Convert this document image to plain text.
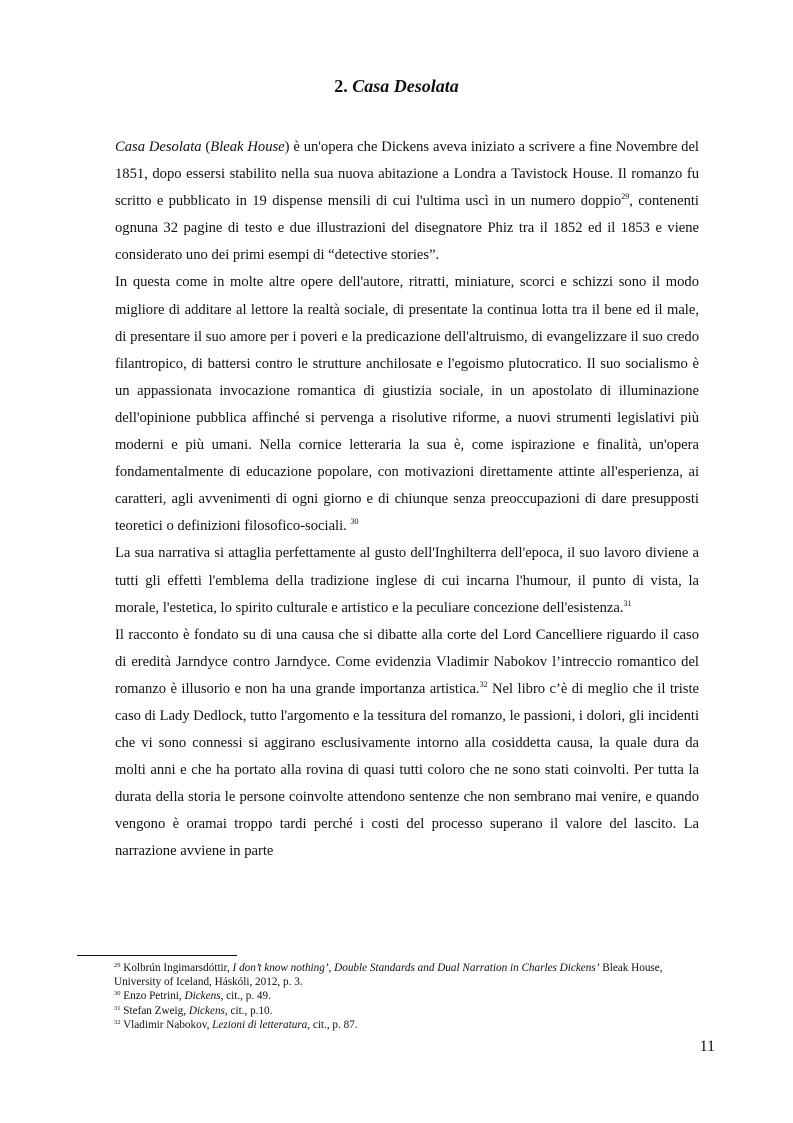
2. Casa Desolata

Casa Desolata (Bleak House) è un'opera che Dickens aveva iniziato a scrivere a fine Novembre del 1851, dopo essersi stabilito nella sua nuova abitazione a Londra a Tavistock House. Il romanzo fu scritto e pubblicato in 19 dispense mensili di cui l'ultima uscì in un numero doppio$^{29}$, contenenti ognuna 32 pagine di testo e due illustrazioni del disegnatore Phiz tra il 1852 ed il 1853 e viene considerato uno dei primi esempi di “detective stories”.

In questa come in molte altre opere dell'autore, ritratti, miniature, scorci e schizzi sono il modo migliore di additare al lettore la realtà sociale, di presentate la continua lotta tra il bene ed il male, di presentare il suo amore per i poveri e la predicazione dell'altruismo, di evangelizzare il suo credo filantropico, di battersi contro le strutture anchilosate e l'egoismo plutocratico. Il suo socialismo è un appassionata invocazione romantica di giustizia sociale, in un apostolato di illuminazione dell'opinione pubblica affinché si pervenga a risolutive riforme, a nuovi strumenti legislativi più moderni e più umani. Nella cornice letteraria la sua è, come ispirazione e finalità, un'opera fondamentalmente di educazione popolare, con motivazioni direttamente attinte all'esperienza, ai caratteri, agli avvenimenti di ogni giorno e di chiunque senza preoccupazioni di dare presupposti teoretici o definizioni filosofico-sociali. $^{30}$

La sua narrativa si attaglia perfettamente al gusto dell'Inghilterra dell'epoca, il suo lavoro diviene a tutti gli effetti l'emblema della tradizione inglese di cui incarna l'humour, il punto di vista, la morale, l'estetica, lo spirito culturale e artistico e la peculiare concezione dell'esistenza.$^{31}$

Il racconto è fondato su di una causa che si dibatte alla corte del Lord Cancelliere riguardo il caso di eredità Jarndyce contro Jarndyce. Come evidenzia Vladimir Nabokov l’intreccio romantico del romanzo è illusorio e non ha una grande importanza artistica.$^{32}$ Nel libro c’è di meglio che il triste caso di Lady Dedlock, tutto l'argomento e la tessitura del romanzo, le passioni, i dolori, gli incidenti che vi sono connessi si aggirano esclusivamente intorno alla cosiddetta causa, la quale dura da molti anni e che ha portato alla rovina di quasi tutti coloro che ne sono stati coinvolti. Per tutta la durata della storia le persone coinvolte attendono sentenze che non sembrano mai venire, e quando vengono è oramai troppo tardi perché i costi del processo superano il valore del lascito. La narrazione avviene in parte

$^{29}$ Kolbrún Ingimarsdóttir, I don’t know nothing’, Double Standards and Dual Narration in Charles Dickens’ Bleak House, University of Iceland, Háskóli, 2012, p. 3.

$^{30}$ Enzo Petrini, Dickens, cit., p. 49.

$^{31}$ Stefan Zweig, Dickens, cit., p.10.

$^{32}$ Vladimir Nabokov, Lezioni di letteratura, cit., p. 87.

11
